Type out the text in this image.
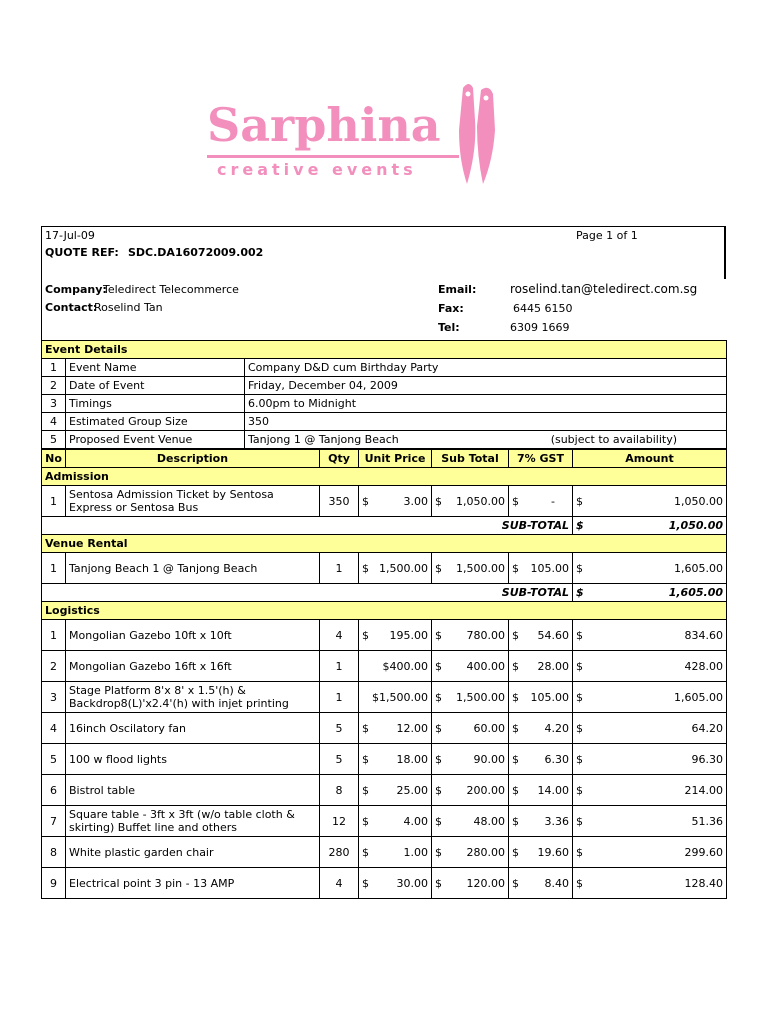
Sarphina
creative events
17-Jul-09	Page 1 of 1
QUOTE REF: SDC.DA16072009.002
Company:
Teledirect Telecommerce
Contact:
Roselind Tan
Email:	roselind.tan@teledirect.com.sg
Fax:	6445 6150
Tel:	6309 1669
Event Details		
1	Event Name	Company D&D cum Birthday Party

2	Date of Event	Friday, December 04, 2009

3	Timings	6.00pm to Midnight

4	Estimated Group Size	350

5	Proposed Event Venue	Tanjong 1 @ Tanjong Beach (subject to availability)
No	Description	Qty	Unit Price	Sub Total	7% GST	Amount
Admission						
1	Sentosa Admission Ticket by Sentosa Express or Sentosa Bus	350	$ 3.00	$ 1,050.00	$ -	$ 1,050.00

SUB-TOTAL						$ 1,050.00

Venue Rental						
1	Tanjong Beach 1 @ Tanjong Beach	1	$ 1,500.00	$ 1,500.00	$ 105.00	$ 1,605.00

SUB-TOTAL						$ 1,605.00

Logistics						
1	Mongolian Gazebo 10ft x 10ft	4	$ 195.00	$ 780.00	$ 54.60	$ 834.60

2	Mongolian Gazebo 16ft x 16ft	1	$400.00	$ 400.00	$ 28.00	$ 428.00

3	Stage Platform 8'x 8' x 1.5'(h) & Backdrop8(L)'x2.4'(h) with injet printing	1	$1,500.00	$ 1,500.00	$ 105.00	$ 1,605.00

4	16inch Oscilatory fan	5	$ 12.00	$ 60.00	$ 4.20	$ 64.20

5	100 w flood lights	5	$ 18.00	$ 90.00	$ 6.30	$ 96.30

6	Bistrol table	8	$ 25.00	$ 200.00	$ 14.00	$ 214.00

7	Square table - 3ft x 3ft (w/o table cloth & skirting) Buffet line and others	12	$ 4.00	$ 48.00	$ 3.36	$ 51.36

8	White plastic garden chair	280	$ 1.00	$ 280.00	$ 19.60	$ 299.60

9	Electrical point 3 pin - 13 AMP	4	$ 30.00	$ 120.00	$ 8.40	$ 128.40
